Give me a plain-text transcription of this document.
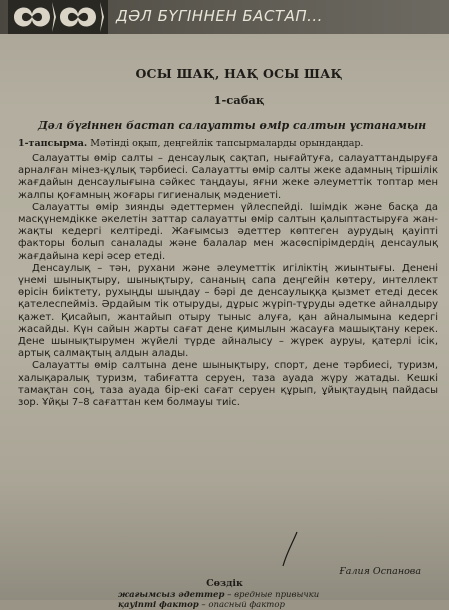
ДӘЛ БҮГІННЕН БАСТАП...
ОСЫ ШАҚ, НАҚ ОСЫ ШАҚ
1-сабақ
Дәл бүгіннен бастап салауатты өмір салтын ұстанамын
1-тапсырма. Мәтінді оқып, деңгейлік тапсырмаларды орындаңдар.

Салауатты өмір салты – денсаулық сақтап, нығайтуға, салауаттандыруға арналған мінез-құлық тәрбиесі. Салауатты өмір салты жеке адамның тіршілік жағдайын денсаулығына сәйкес таңдауы, яғни жеке әлеуметтік топтар мен жалпы қоғамның жоғары гигиеналық мәдениеті.

Салауатты өмір зиянды әдеттермен үйлеспейді. Ішімдік және басқа да масқүнемдікке әкелетін заттар салауатты өмір салтын қалыптастыруға жан-жақты кедергі келтіреді. Жағымсыз әдеттер көптеген аурудың қауіпті факторы болып саналады және балалар мен жасөспірімдердің денсаулық жағдайына кері әсер етеді.

Денсаулық – тән, рухани және әлеуметтік игіліктің жиынтығы. Денені үнемі шынықтыру, шынықтыру, сананың сапа деңгейін көтеру, интеллект өрісін биіктету, рухыңды шыңдау – бәрі де денсаулыққа қызмет етеді десек қателеспейміз. Әрдайым тік отыруды, дұрыс жүріп-тұруды әдетке айналдыру қажет. Қисайып, жантайып отыру тыныс алуға, қан айналымына кедергі жасайды. Күн сайын жарты сағат дене қимылын жасауға машықтану керек. Дене шынықтырумен жүйелі түрде айналысу – жүрек ауруы, қатерлі ісік, артық салмақтың алдын алады.

Салауатты өмір салтына дене шынықтыру, спорт, дене тәрбиесі, туризм, халықаралық туризм, табиғатта серуен, таза ауада жүру жатады. Кешкі тамақтан соң, таза ауада бір-екі сағат серуен құрып, ұйықтаудың пайдасы зор. Ұйқы 7–8 сағаттан кем болмауы тиіс.

Ғалия Оспанова
Сөздік
жағымсыз әдеттер – вредные привычки
қауіпті фактор – опасный фактор
